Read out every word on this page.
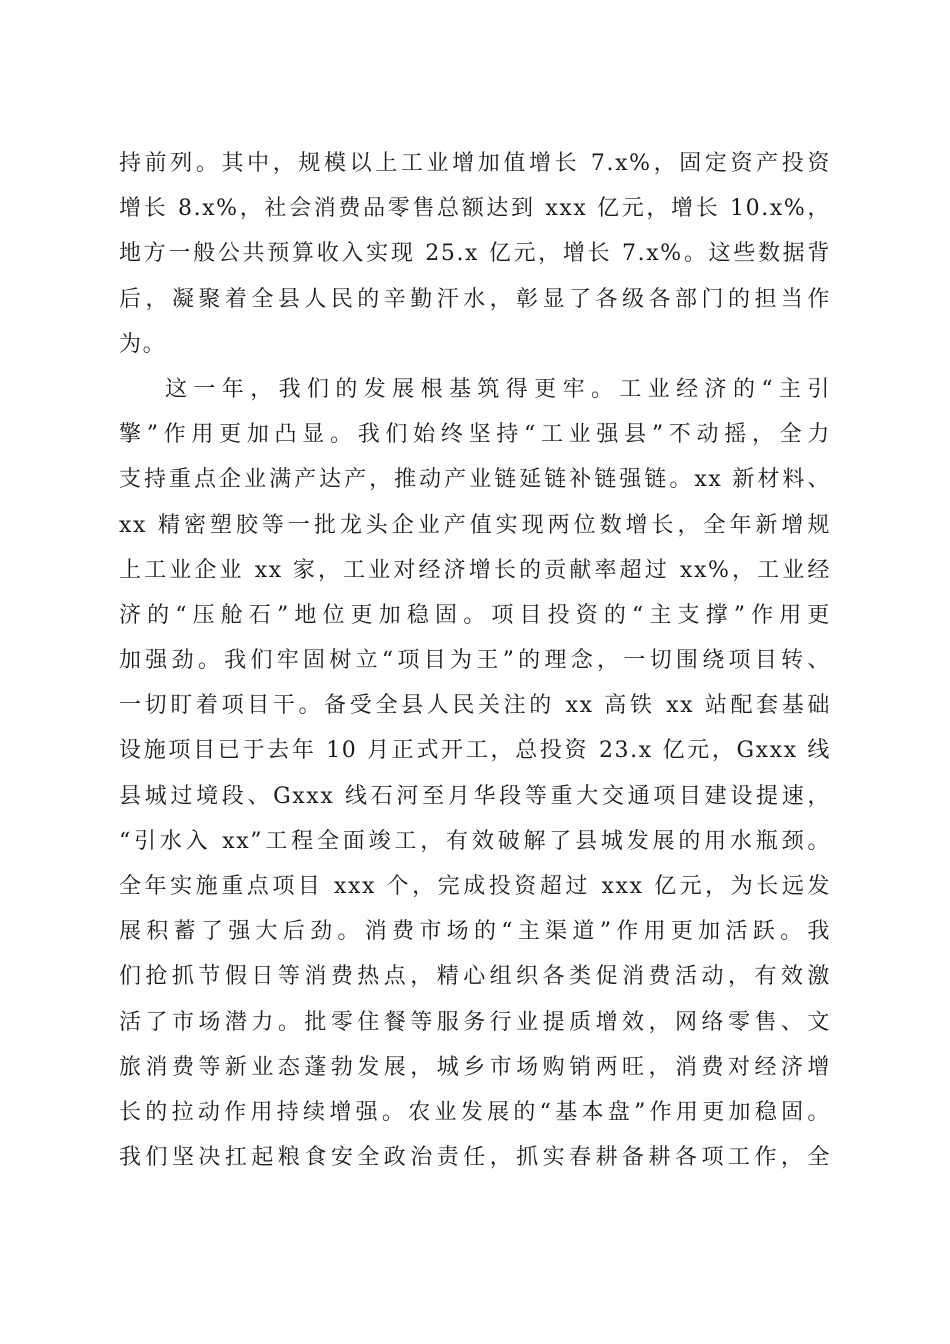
持前列。其中，规模以上工业增加值增长 7.x%，固定资产投资
增长 8.x%，社会消费品零售总额达到 xxx 亿元，增长 10.x%，
地方一般公共预算收入实现 25.x 亿元，增长 7.x%。这些数据背
后，凝聚着全县人民的辛勤汗水，彰显了各级各部门的担当作
为。
这一年，我们的发展根基筑得更牢。工业经济的“主引
擎”作用更加凸显。我们始终坚持“工业强县”不动摇，全力
支持重点企业满产达产，推动产业链延链补链强链。xx 新材料、
xx 精密塑胶等一批龙头企业产值实现两位数增长，全年新增规
上工业企业 xx 家，工业对经济增长的贡献率超过 xx%，工业经
济的“压舱石”地位更加稳固。项目投资的“主支撑”作用更
加强劲。我们牢固树立“项目为王”的理念，一切围绕项目转、
一切盯着项目干。备受全县人民关注的 xx 高铁 xx 站配套基础
设施项目已于去年 10 月正式开工，总投资 23.x 亿元，Gxxx 线
县城过境段、Gxxx 线石河至月华段等重大交通项目建设提速，
“引水入 xx”工程全面竣工，有效破解了县城发展的用水瓶颈。
全年实施重点项目 xxx 个，完成投资超过 xxx 亿元，为长远发
展积蓄了强大后劲。消费市场的“主渠道”作用更加活跃。我
们抢抓节假日等消费热点，精心组织各类促消费活动，有效激
活了市场潜力。批零住餐等服务行业提质增效，网络零售、文
旅消费等新业态蓬勃发展，城乡市场购销两旺，消费对经济增
长的拉动作用持续增强。农业发展的“基本盘”作用更加稳固。
我们坚决扛起粮食安全政治责任，抓实春耕备耕各项工作，全
